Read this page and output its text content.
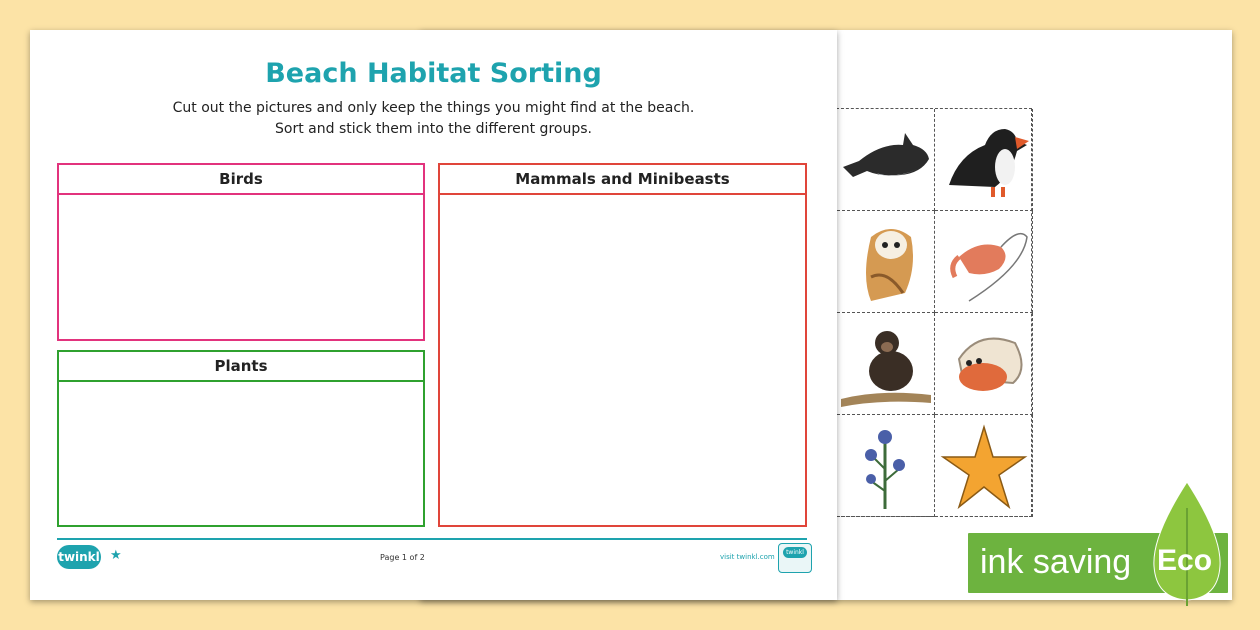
Beach Habitat Sorting
Cut out the pictures and only keep the things you might find at the beach.
Sort and stick them into the different groups.
Birds
Plants
Mammals and Minibeasts
twinkl ★	Page 1 of 2	visit twinkl.com
twinkl	ink saving Eco
